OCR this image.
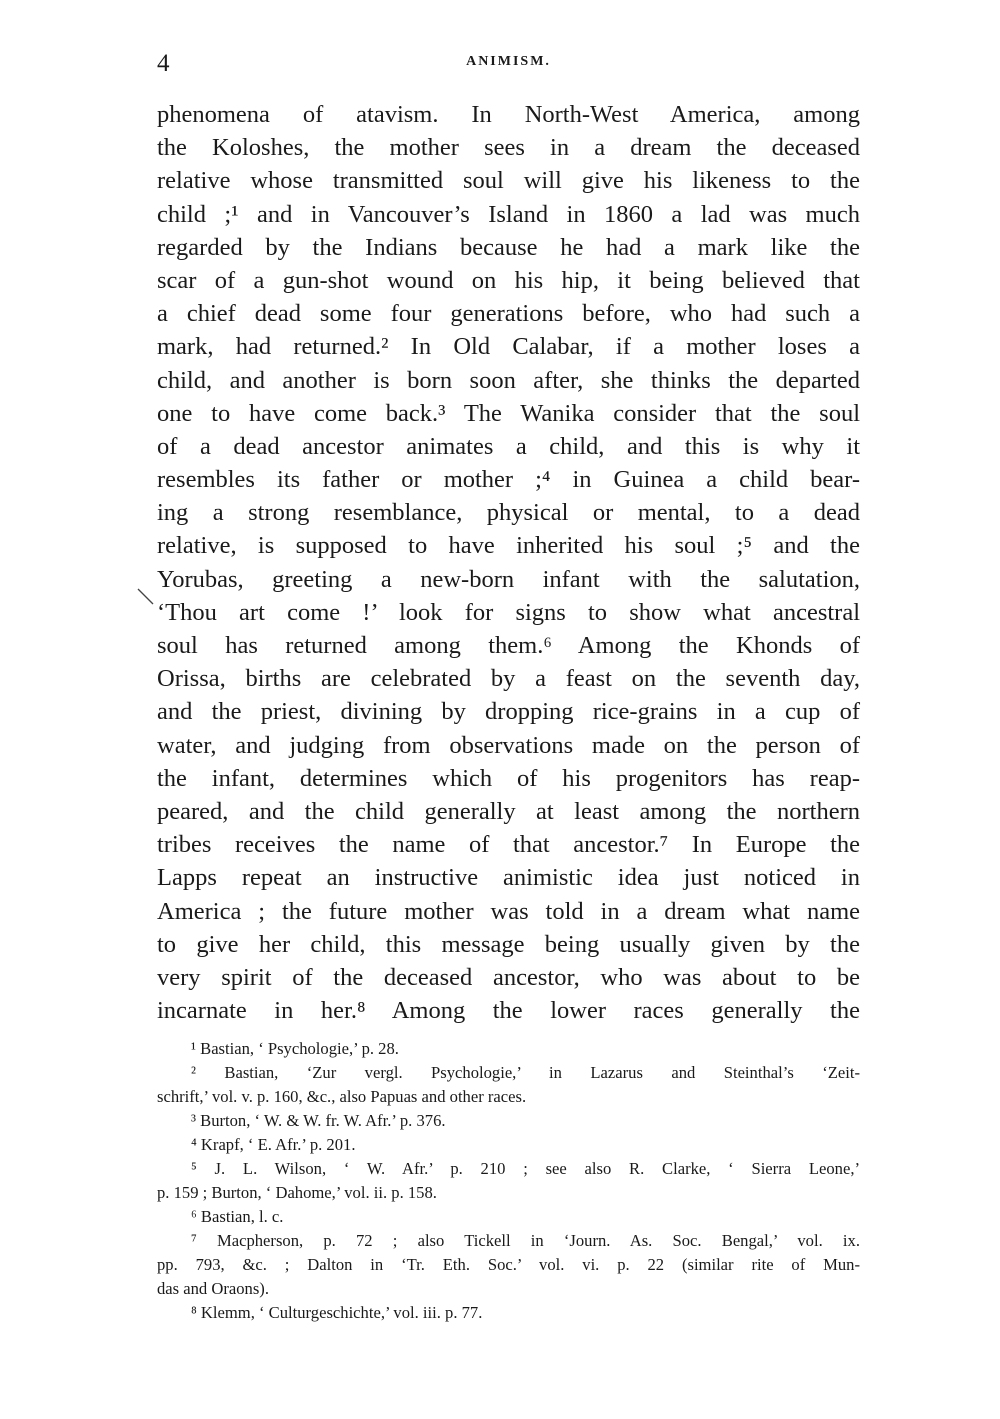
4	ANIMISM.
phenomena of atavism. In North-West America, among
the Koloshes, the mother sees in a dream the deceased
relative whose transmitted soul will give his likeness to the
child ;¹ and in Vancouver’s Island in 1860 a lad was much
regarded by the Indians because he had a mark like the
scar of a gun-shot wound on his hip, it being believed that
a chief dead some four generations before, who had such a
mark, had returned.² In Old Calabar, if a mother loses a
child, and another is born soon after, she thinks the departed
one to have come back.³ The Wanika consider that the soul
of a dead ancestor animates a child, and this is why it
resembles its father or mother ;⁴ in Guinea a child bear-
ing a strong resemblance, physical or mental, to a dead
relative, is supposed to have inherited his soul ;⁵ and the
Yorubas, greeting a new-born infant with the salutation,
‘Thou art come !’ look for signs to show what ancestral
soul has returned among them.⁶ Among the Khonds of
Orissa, births are celebrated by a feast on the seventh day,
and the priest, divining by dropping rice-grains in a cup of
water, and judging from observations made on the person of
the infant, determines which of his progenitors has reap-
peared, and the child generally at least among the northern
tribes receives the name of that ancestor.⁷ In Europe the
Lapps repeat an instructive animistic idea just noticed in
America ; the future mother was told in a dream what name
to give her child, this message being usually given by the
very spirit of the deceased ancestor, who was about to be
incarnate in her.⁸ Among the lower races generally the
¹ Bastian, ‘ Psychologie,’ p. 28.
² Bastian, ‘Zur vergl. Psychologie,’ in Lazarus and Steinthal’s ‘Zeit-
schrift,’ vol. v. p. 160, &c., also Papuas and other races.
³ Burton, ‘ W. & W. fr. W. Afr.’ p. 376.
⁴ Krapf, ‘ E. Afr.’ p. 201.
⁵ J. L. Wilson, ‘ W. Afr.’ p. 210 ; see also R. Clarke, ‘ Sierra Leone,’
p. 159 ; Burton, ‘ Dahome,’ vol. ii. p. 158.
⁶ Bastian, l. c.
⁷ Macpherson, p. 72 ; also Tickell in ‘Journ. As. Soc. Bengal,’ vol. ix.
pp. 793, &c. ; Dalton in ‘Tr. Eth. Soc.’ vol. vi. p. 22 (similar rite of Mun-
das and Oraons).
⁸ Klemm, ‘ Culturgeschichte,’ vol. iii. p. 77.
